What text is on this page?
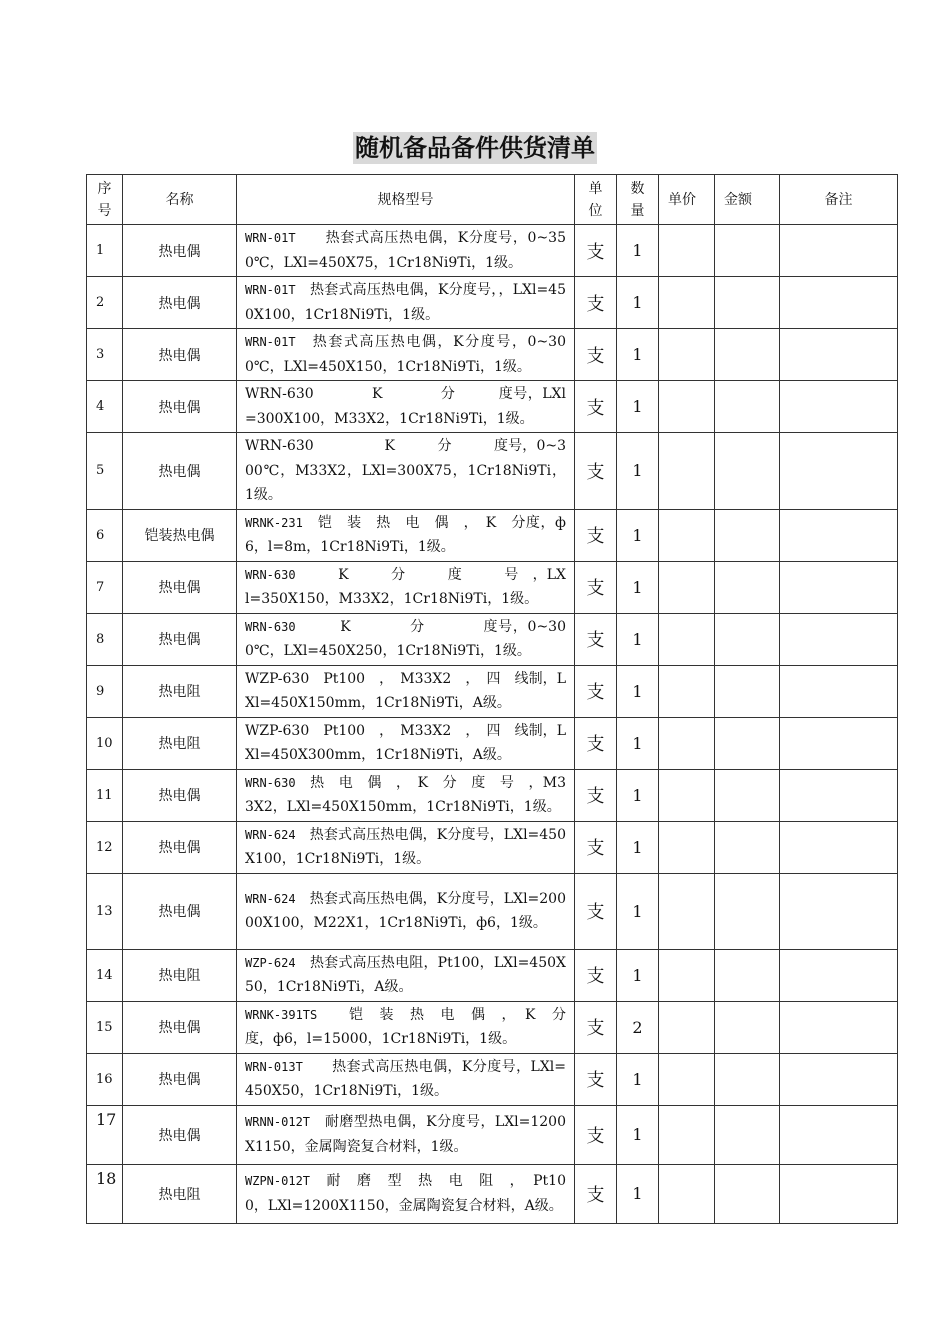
随机备品备件供货清单
序号	名称	规格型号	单位	数量	单价	金额	备注
1	热电偶	WRN-01T　　热套式高压热电偶，K分度号，0~350℃，LXl=450X75，1Cr18Ni9Ti，1级。	支	1			
2	热电偶	WRN-01T　热套式高压热电偶，K分度号，，LXl=450X100，1Cr18Ni9Ti，1级。	支	1			
3	热电偶	WRN-01T　热套式高压热电偶，K分度号，0~300℃，LXl=450X150，1Cr18Ni9Ti，1级。	支	1			
4	热电偶	WRN-630　　　　K　　　　分　　　度号，LXl=300X100，M33X2，1Cr18Ni9Ti，1级。	支	1			
5	热电偶	WRN-630　　　　　K　　　分　　　度号，0~300℃，M33X2，LXl=300X75，1Cr18Ni9Ti，1级。	支	1			
6	铠装热电偶	WRNK-231　铠　装　热　电　偶　，　K　分度，ф6，l=8m，1Cr18Ni9Ti，1级。	支	1			
7	热电偶	WRN-630　　　K　　　分　　　度　　　号　，LXl=350X150，M33X2，1Cr18Ni9Ti，1级。	支	1			
8	热电偶	WRN-630　　　K　　　　分　　　　度号，0~300℃，LXl=450X250，1Cr18Ni9Ti，1级。	支	1			
9	热电阻	WZP-630　Pt100　，　M33X2　，　四　线制，LXl=450X150mm，1Cr18Ni9Ti，A级。	支	1			
10	热电阻	WZP-630　Pt100　，　M33X2　，　四　线制，LXl=450X300mm，1Cr18Ni9Ti，A级。	支	1			
11	热电偶	WRN-630　热　电　偶　，　K　分　度　号　，M33X2，LXl=450X150mm，1Cr18Ni9Ti，1级。	支	1			
12	热电偶	WRN-624　热套式高压热电偶，K分度号，LXl=450X100，1Cr18Ni9Ti，1级。	支	1			
13	热电偶	WRN-624　热套式高压热电偶，K分度号，LXl=20000X100，M22X1，1Cr18Ni9Ti，ф6，1级。	支	1			
14	热电阻	WZP-624　热套式高压热电阻，Pt100，LXl=450X50，1Cr18Ni9Ti，A级。	支	1			
15	热电偶	WRNK-391TS　　铠　装　热　电　偶　，　K　分度，ф6，l=15000，1Cr18Ni9Ti，1级。	支	2			
16	热电偶	WRN-013T　　热套式高压热电偶，K分度号，LXl=450X50，1Cr18Ni9Ti，1级。	支	1			
17	热电偶	WRNN-012T　耐磨型热电偶，K分度号，LXl=1200X1150，金属陶瓷复合材料，1级。	支	1			
18	热电阻	WZPN-012T　耐　磨　型　热　电　阻　，　Pt100，LXl=1200X1150，金属陶瓷复合材料，A级。	支	1			
